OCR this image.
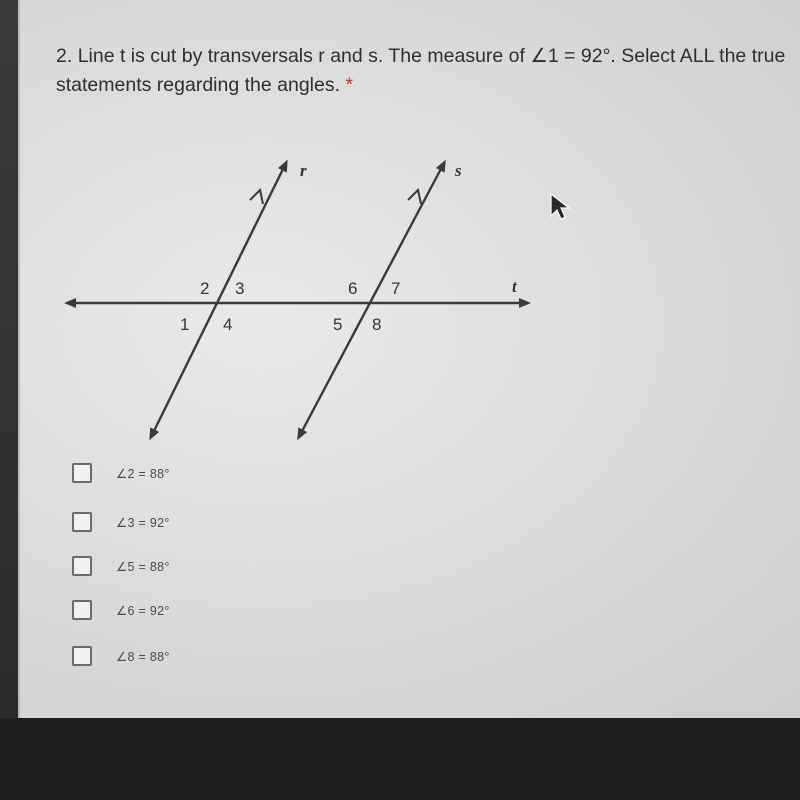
2. Line t is cut by transversals r and s. The measure of ∠1 = 92°. Select ALL the true statements regarding the angles. *
r	s
t
2 3
1 4
6 7
5 8
∠2 = 88°
∠3 = 92°
∠5 = 88°
∠6 = 92°
∠8 = 88°
